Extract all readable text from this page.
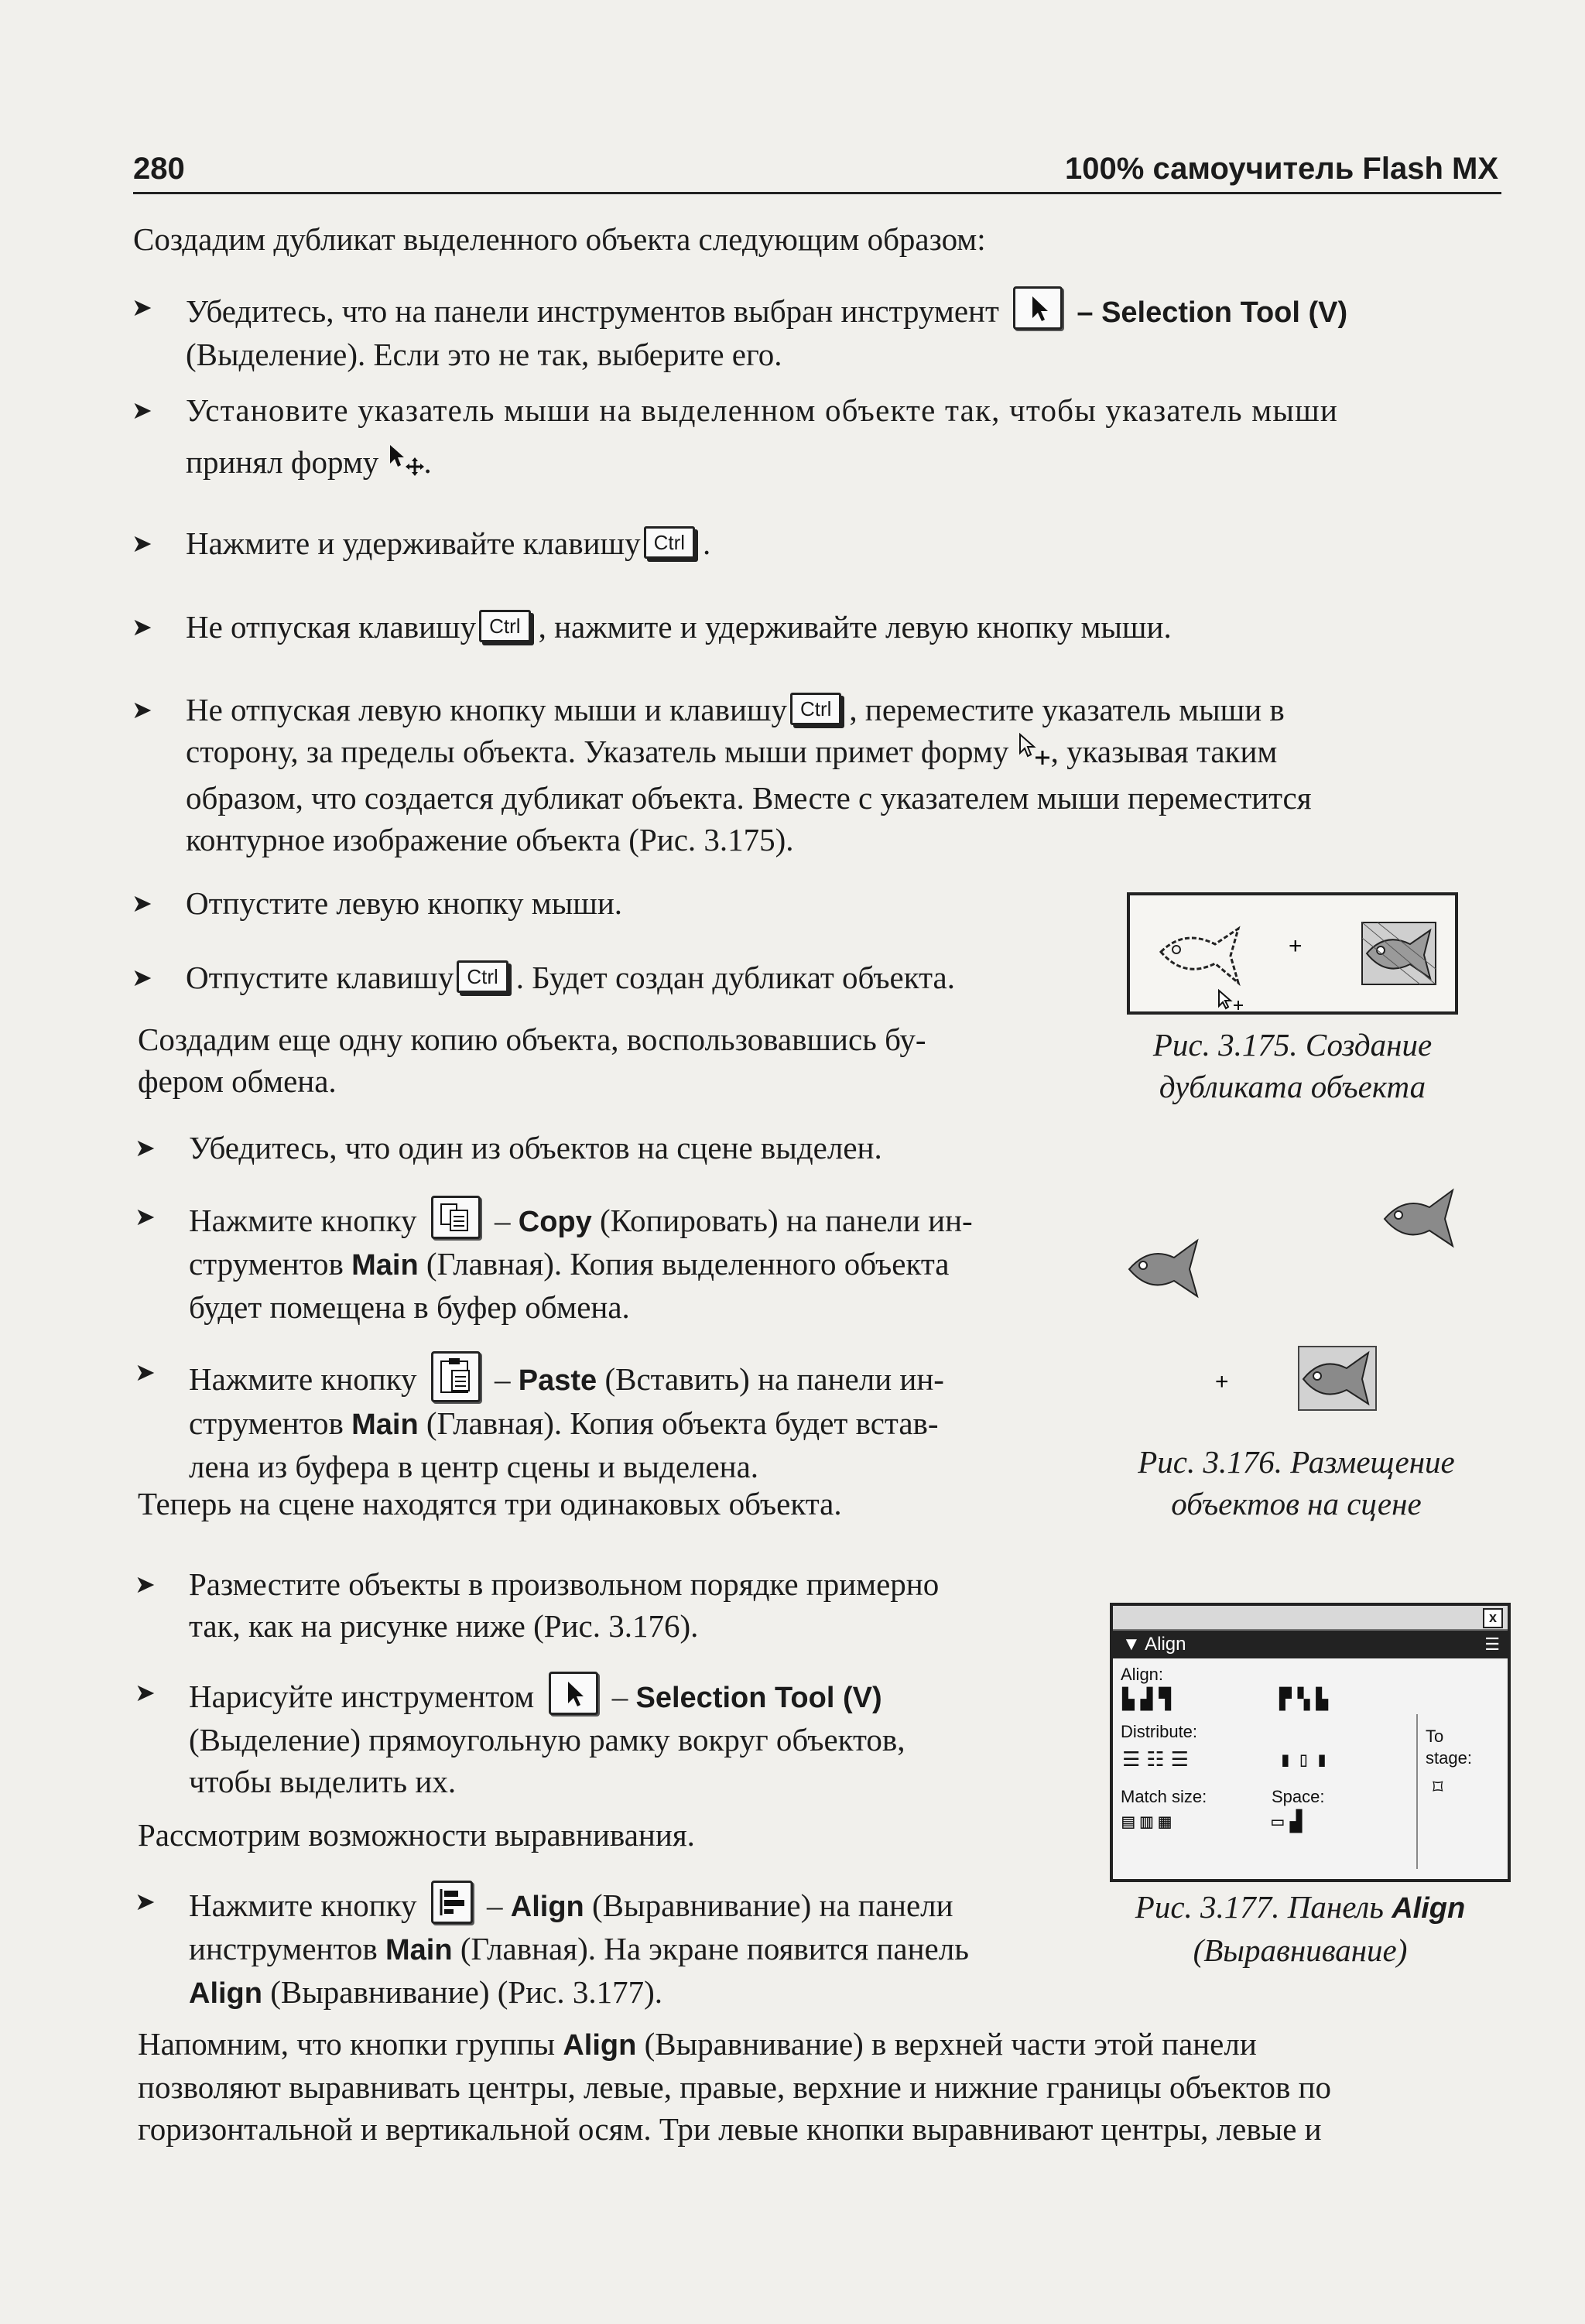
280	100% самоучитель Flash MX

Создадим дубликат выделенного объекта следующим образом:

➤ Убедитесь, что на панели инструментов выбран инструмент	– Selection Tool (V)
(Выделение). Если это не так, выберите его.
➤ Установите указатель мыши на выделенном объекте так, чтобы указатель мыши
принял форму .
➤ Нажмите и удерживайте клавишу Ctrl .
➤ Не отпуская клавишу Ctrl , нажмите и удерживайте левую кнопку мыши.
➤ Не отпуская левую кнопку мыши и клавишу Ctrl , переместите указатель мыши в
сторону, за пределы объекта. Указатель мыши примет форму , указывая таким
образом, что создается дубликат объекта. Вместе с указателем мыши переместится
контурное изображение объекта (Рис. 3.175).
➤ Отпустите левую кнопку мыши.
➤ Отпустите клавишу Ctrl . Будет создан дубликат объекта.
+
Рис. 3.175. Создание
дубликата объекта
Создадим еще одну копию объекта, воспользовавшись бу-
фером обмена.
➤ Убедитесь, что один из объектов на сцене выделен.
➤ Нажмите кнопку – Copy (Копировать) на панели ин-
струментов Main (Главная). Копия выделенного объекта
будет помещена в буфер обмена.
➤ Нажмите кнопку – Paste (Вставить) на панели ин-
струментов Main (Главная). Копия объекта будет встав-
лена из буфера в центр сцены и выделена.
+
Рис. 3.176. Размещение
объектов на сцене

Теперь на сцене находятся три одинаковых объекта.

➤ Разместите объекты в произвольном порядке примерно
так, как на рисунке ниже (Рис. 3.176).
➤ Нарисуйте инструментом – Selection Tool (V)
(Выделение) прямоугольную рамку вокруг объектов,
чтобы выделить их.

Рассмотрим возможности выравнивания.

➤ Нажмите кнопку – Align (Выравнивание) на панели
инструментов Main (Главная). На экране появится панель
Align (Выравнивание) (Рис. 3.177).
x
▼ Align	☰
Align:
▙▟▜	▛▚▙
Distribute:
☰☷☰	▮▯▮
Match size:	Space:
▤▥▦	▭▟
To
stage:
⌑
Рис. 3.177. Панель Align
(Выравнивание)
Напомним, что кнопки группы Align (Выравнивание) в верхней части этой панели
позволяют выравнивать центры, левые, правые, верхние и нижние границы объектов по
горизонтальной и вертикальной осям. Три левые кнопки выравнивают центры, левые и
